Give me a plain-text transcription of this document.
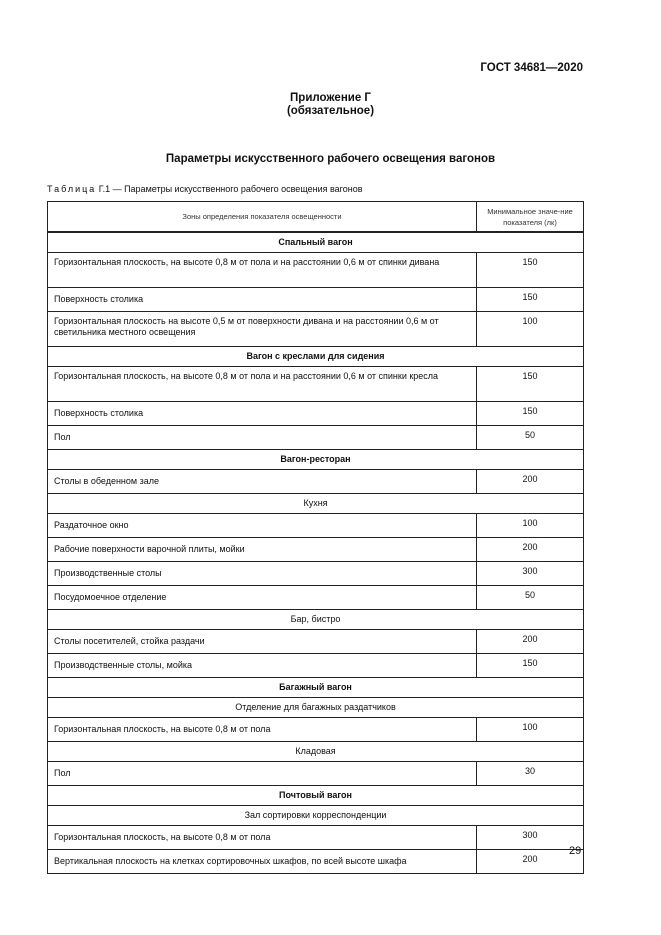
ГОСТ 34681—2020
Приложение Г
(обязательное)
Параметры искусственного рабочего освещения вагонов
Таблица Г.1 — Параметры искусственного рабочего освещения вагонов
Зоны определения показателя освещенности	Минимальное значе-ние показателя (лк)
Спальный вагон	
Горизонтальная плоскость, на высоте 0,8 м от пола и на расстоянии 0,6 м от спинки дивана	150
Поверхность столика	150
Горизонтальная плоскость на высоте 0,5 м от поверхности дивана и на расстоянии 0,6 м от светильника местного освещения	100
Вагон с креслами для сидения	
Горизонтальная плоскость, на высоте 0,8 м от пола и на расстоянии 0,6 м от спинки кресла	150
Поверхность столика	150
Пол	50
Вагон-ресторан	
Столы в обеденном зале	200
Кухня	
Раздаточное окно	100
Рабочие поверхности варочной плиты, мойки	200
Производственные столы	300
Посудомоечное отделение	50
Бар, бистро	
Столы посетителей, стойка раздачи	200
Производственные столы, мойка	150
Багажный вагон	
Отделение для багажных раздатчиков	
Горизонтальная плоскость, на высоте 0,8 м от пола	100
Кладовая	
Пол	30
Почтовый вагон	
Зал сортировки корреспонденции	
Горизонтальная плоскость, на высоте 0,8 м от пола	300
Вертикальная плоскость на клетках сортировочных шкафов, по всей высоте шкафа	200
29
